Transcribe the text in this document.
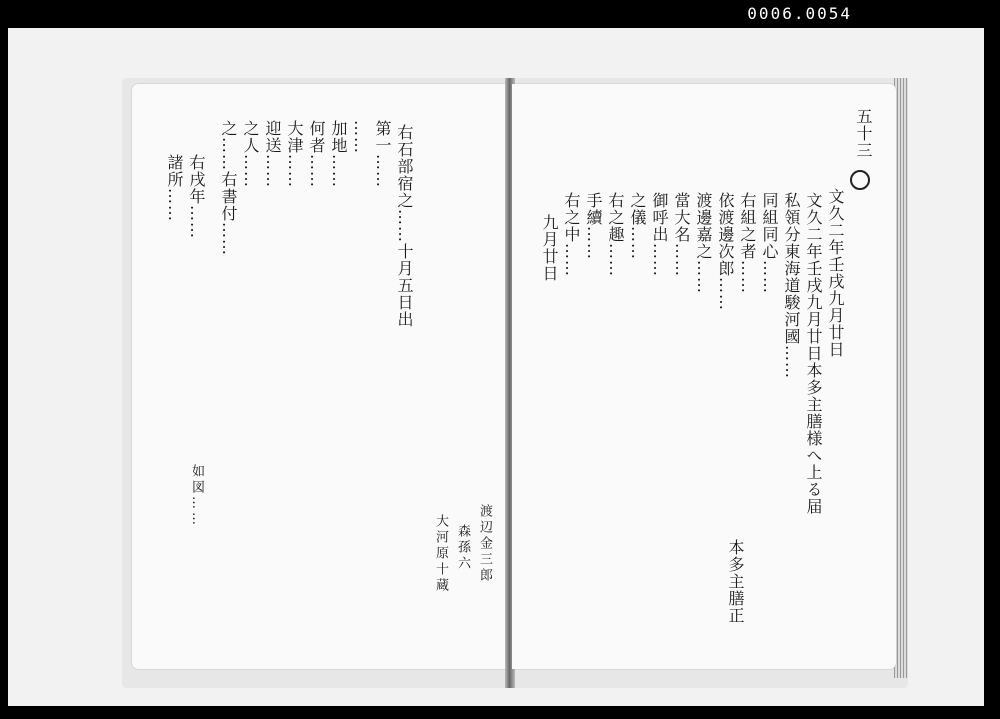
0006.0054
渡辺金三郎
森孫六
大河原十蔵
右石部宿之……十月五日出
第一……
……
加地……
何者……
大津……
迎送……
之人……
之……右書付……
右戌年……
諸所……
如図……
五十三
文久二年壬戌九月廿日
文久二年壬戌九月廿日本多主膳様へ上る届
私領分東海道駿河國……
同組同心……
右組之者……
依渡邊次郎……
渡邊嘉之……
當大名……
御呼出……
之儀……
右之趣……
手續……
右之中……
九月廿日
本多主膳正
